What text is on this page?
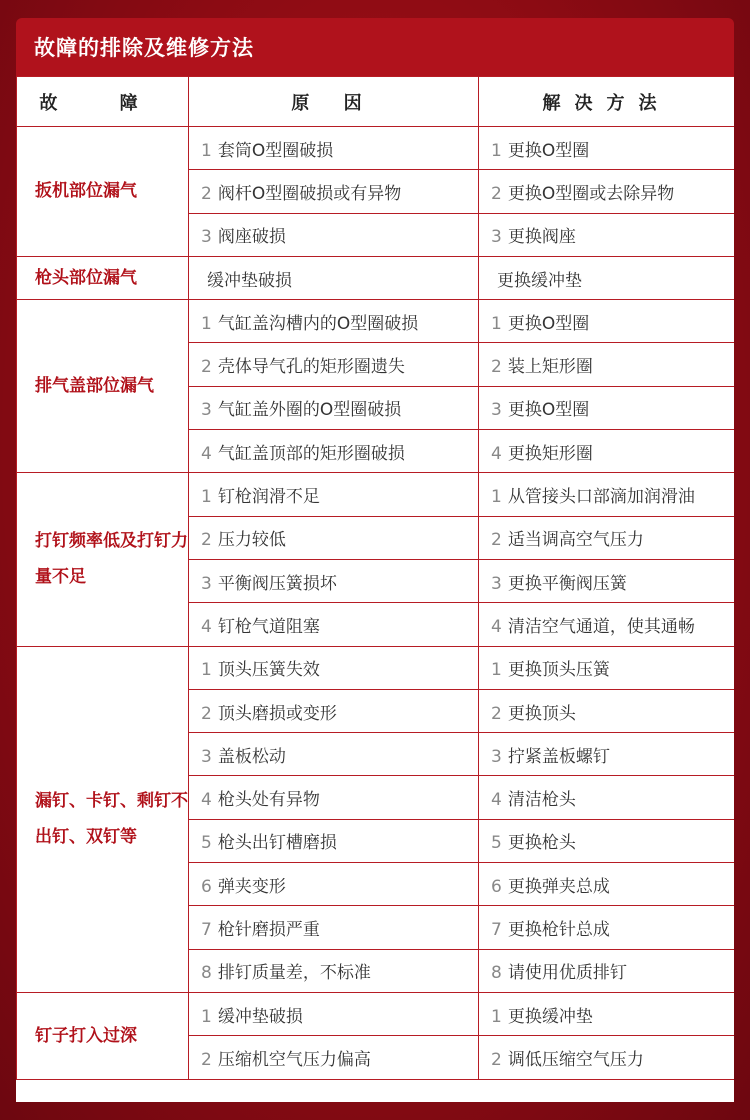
故障的排除及维修方法
故 障	原 因	解决方法
扳机部位漏气	1 套筒O型圈破损	1 更换O型圈
	2 阀杆O型圈破损或有异物	2 更换O型圈或去除异物
	3 阀座破损	3 更换阀座
枪头部位漏气	缓冲垫破损	更换缓冲垫
排气盖部位漏气	1 气缸盖沟槽内的O型圈破损	1 更换O型圈
	2 壳体导气孔的矩形圈遗失	2 装上矩形圈
	3 气缸盖外圈的O型圈破损	3 更换O型圈
	4 气缸盖顶部的矩形圈破损	4 更换矩形圈
打钉频率低及打钉力量不足	1 钉枪润滑不足	1 从管接头口部滴加润滑油
	2 压力较低	2 适当调高空气压力
	3 平衡阀压簧损坏	3 更换平衡阀压簧
	4 钉枪气道阻塞	4 清洁空气通道，使其通畅
漏钉、卡钉、剩钉不出钉、双钉等	1 顶头压簧失效	1 更换顶头压簧
	2 顶头磨损或变形	2 更换顶头
	3 盖板松动	3 拧紧盖板螺钉
	4 枪头处有异物	4 清洁枪头
	5 枪头出钉槽磨损	5 更换枪头
	6 弹夹变形	6 更换弹夹总成
	7 枪针磨损严重	7 更换枪针总成
	8 排钉质量差，不标准	8 请使用优质排钉
钉子打入过深	1 缓冲垫破损	1 更换缓冲垫
	2 压缩机空气压力偏高	2 调低压缩空气压力
